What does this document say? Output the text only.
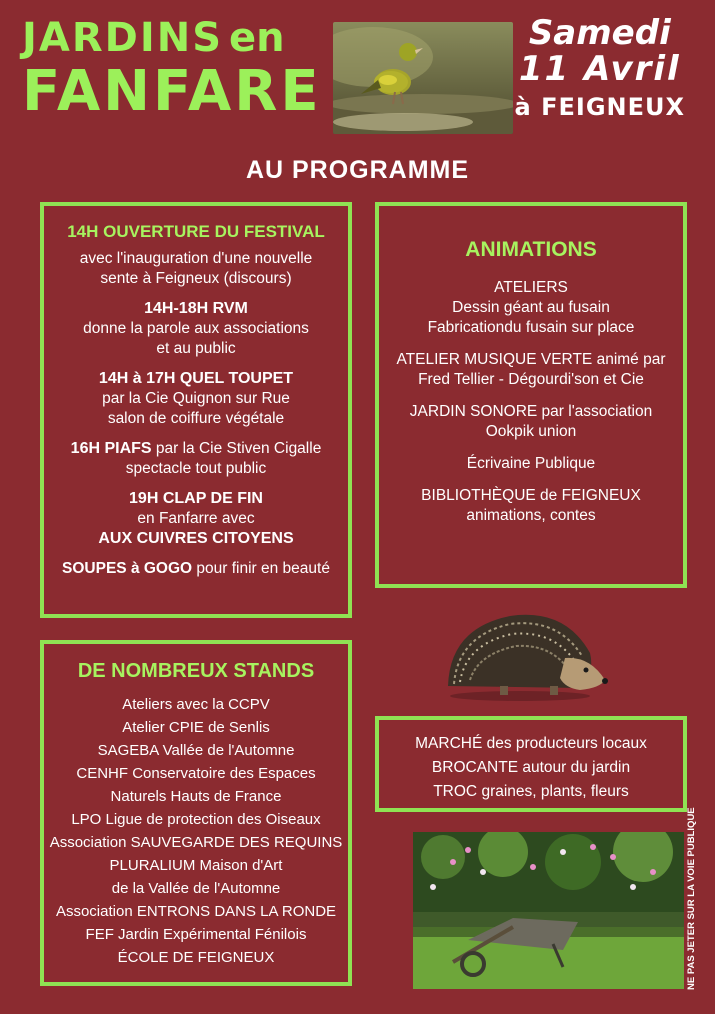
JARDINS en
FANFARE
Samedi
11 Avril
à FEIGNEUX
AU PROGRAMME

14H OUVERTURE DU FESTIVAL

avec l'inauguration d'une nouvelle

sente à Feigneux (discours)

14H-18H RVM

donne la parole aux associations

et au public

14H à 17H QUEL TOUPET

par la Cie Quignon sur Rue

salon de coiffure végétale

16H PIAFS par la Cie Stiven Cigalle

spectacle tout public

19H CLAP DE FIN

en Fanfarre avec

AUX CUIVRES CITOYENS

SOUPES à GOGO pour finir en beauté

ANIMATIONS

ATELIERS

Dessin géant au fusain

Fabricationdu fusain sur place

ATELIER MUSIQUE VERTE animé par

Fred Tellier - Dégourdi'son et Cie

JARDIN SONORE par l'association

Ookpik union

Écrivaine Publique

BIBLIOTHÈQUE de FEIGNEUX

animations, contes

DE NOMBREUX STANDS

Ateliers avec la CCPV

Atelier CPIE de Senlis

SAGEBA Vallée de l'Automne

CENHF Conservatoire des Espaces

Naturels Hauts de France

LPO Ligue de protection des Oiseaux

Association SAUVEGARDE DES REQUINS

PLURALIUM Maison d'Art

de la Vallée de l'Automne

Association ENTRONS DANS LA RONDE

FEF Jardin Expérimental Fénilois

ÉCOLE DE FEIGNEUX

MARCHÉ des producteurs locaux

BROCANTE autour du jardin

TROC graines, plants, fleurs

NE PAS JETER SUR LA VOIE PUBLIQUE
